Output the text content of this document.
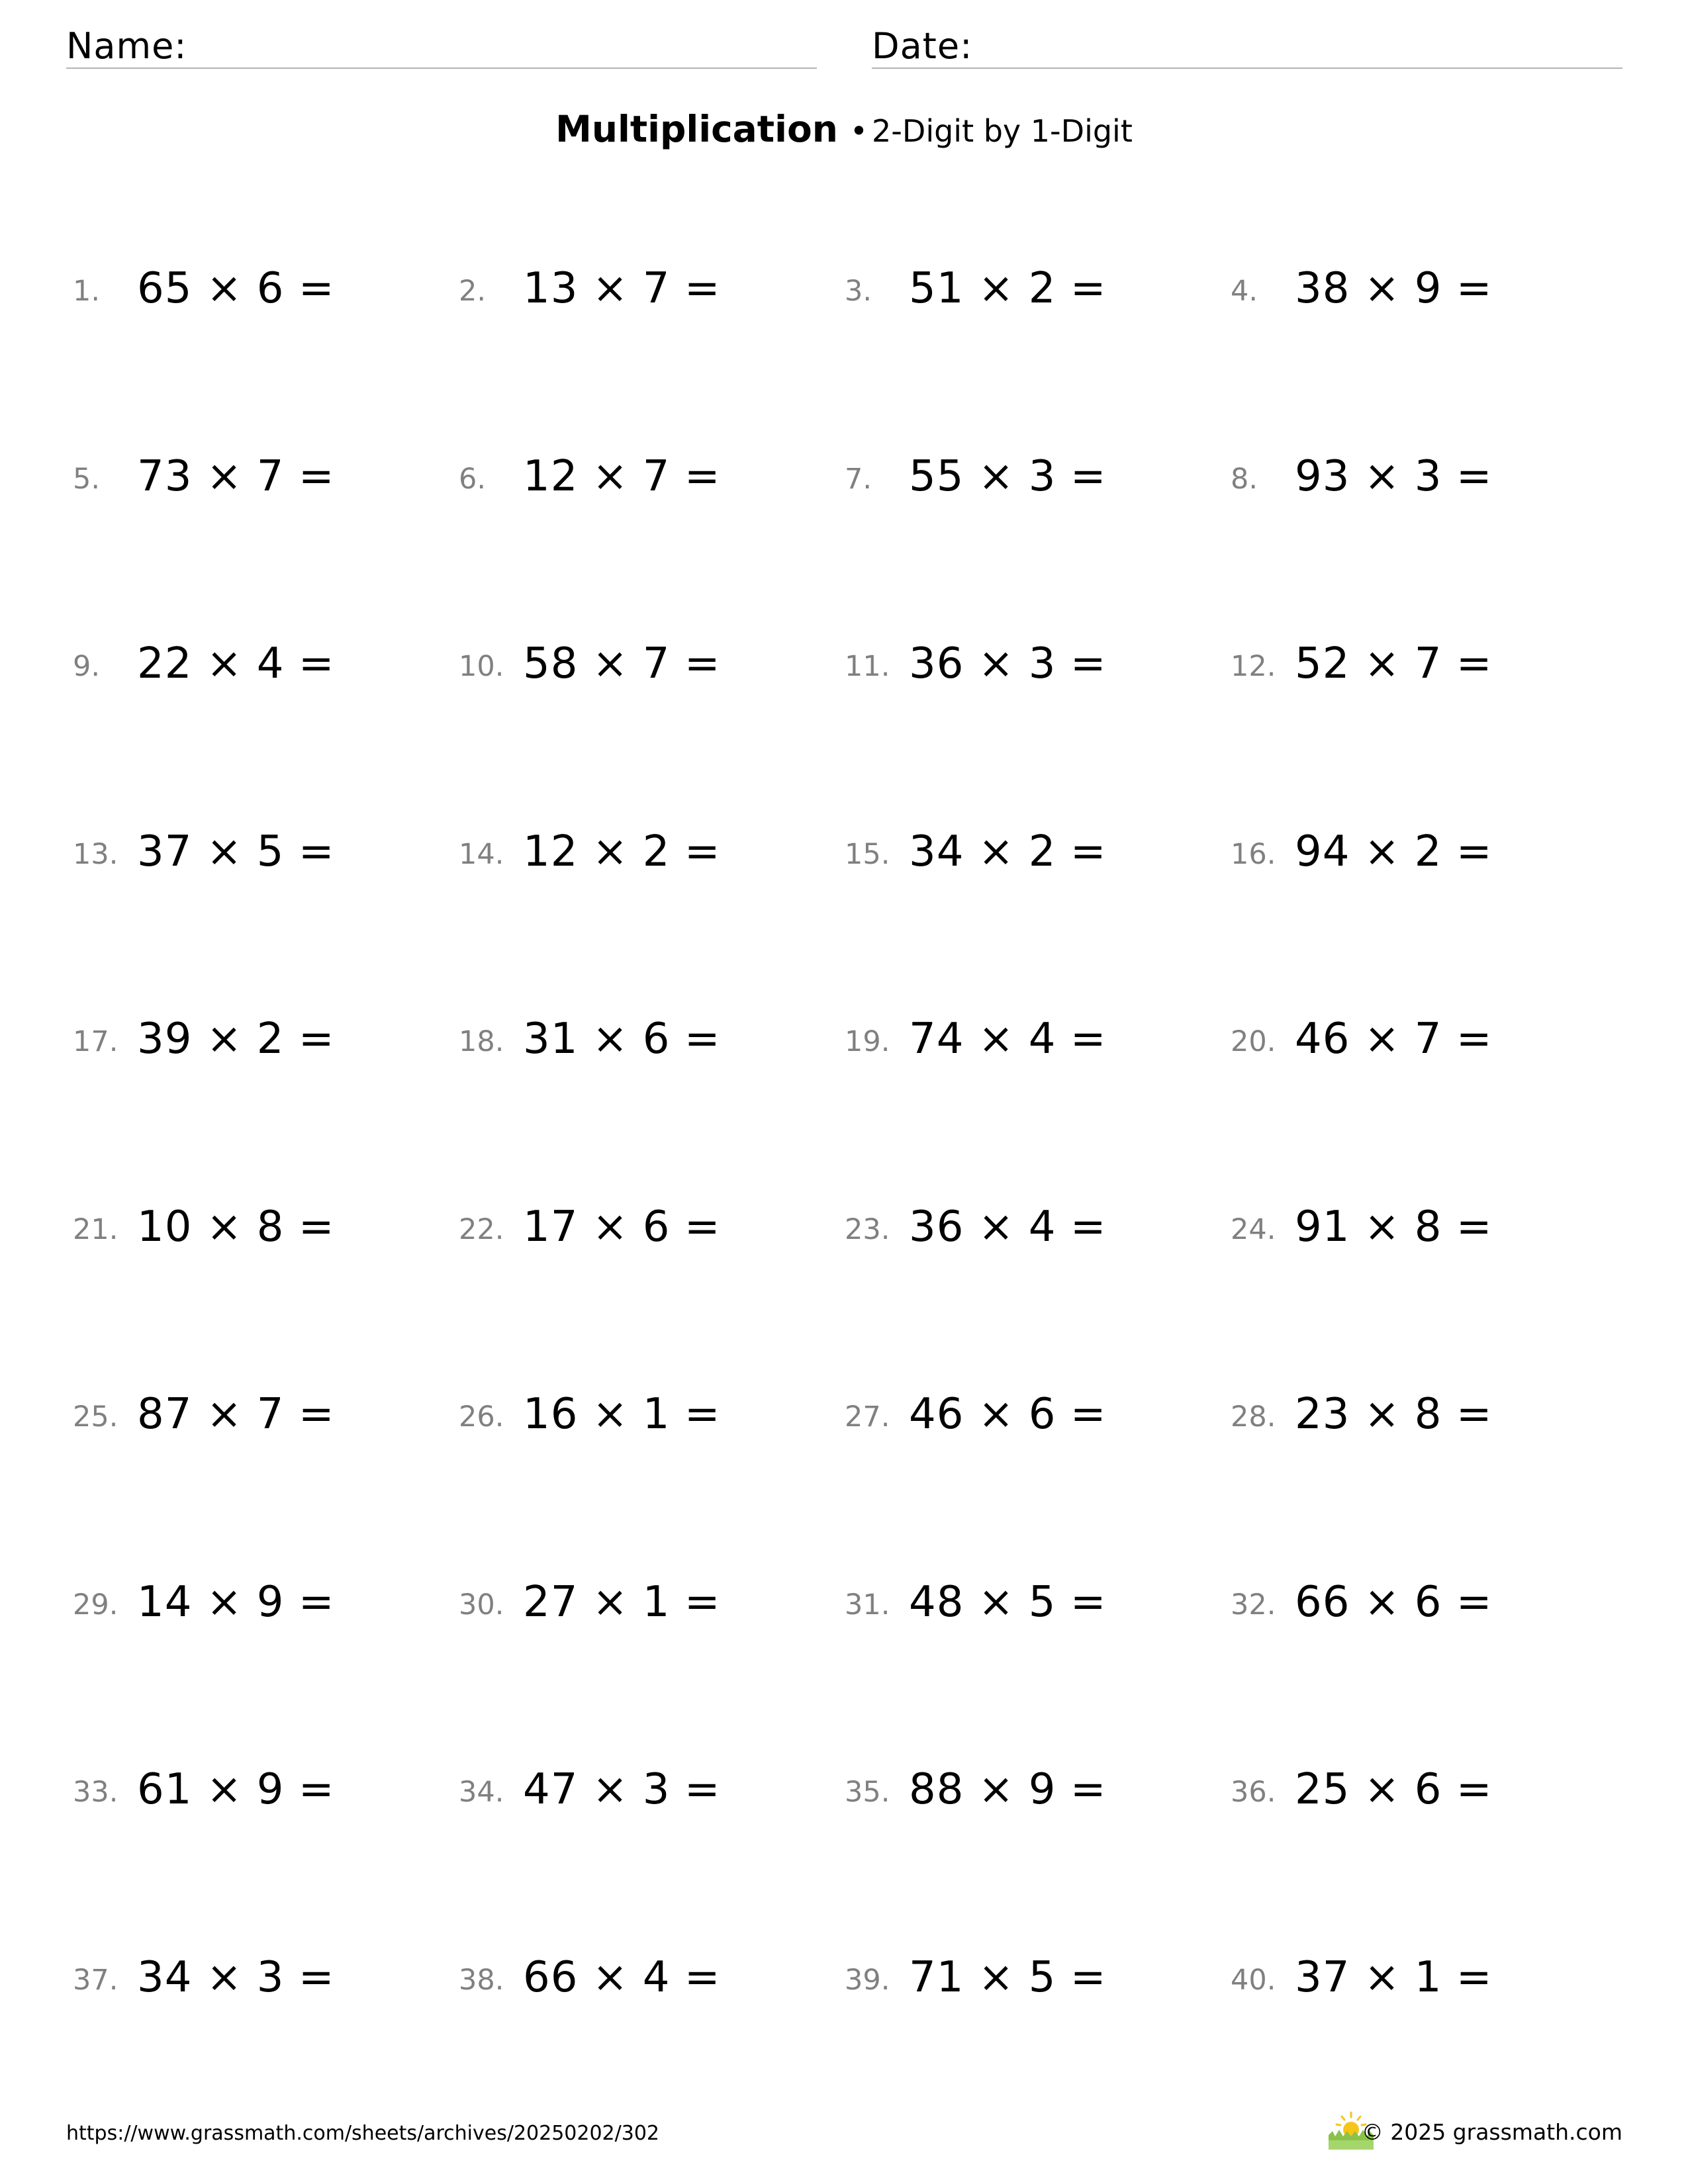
Name:	Date:
Multiplication • 2-Digit by 1-Digit
1. 65 × 6 =	2. 13 × 7 =	3. 51 × 2 =	4. 38 × 9 =
5. 73 × 7 =	6. 12 × 7 =	7. 55 × 3 =	8. 93 × 3 =
9. 22 × 4 =	10. 58 × 7 =	11. 36 × 3 =	12. 52 × 7 =
13. 37 × 5 =	14. 12 × 2 =	15. 34 × 2 =	16. 94 × 2 =
17. 39 × 2 =	18. 31 × 6 =	19. 74 × 4 =	20. 46 × 7 =
21. 10 × 8 =	22. 17 × 6 =	23. 36 × 4 =	24. 91 × 8 =
25. 87 × 7 =	26. 16 × 1 =	27. 46 × 6 =	28. 23 × 8 =
29. 14 × 9 =	30. 27 × 1 =	31. 48 × 5 =	32. 66 × 6 =
33. 61 × 9 =	34. 47 × 3 =	35. 88 × 9 =	36. 25 × 6 =
37. 34 × 3 =	38. 66 × 4 =	39. 71 × 5 =	40. 37 × 1 =
https://www.grassmath.com/sheets/archives/20250202/302	© 2025 grassmath.com
